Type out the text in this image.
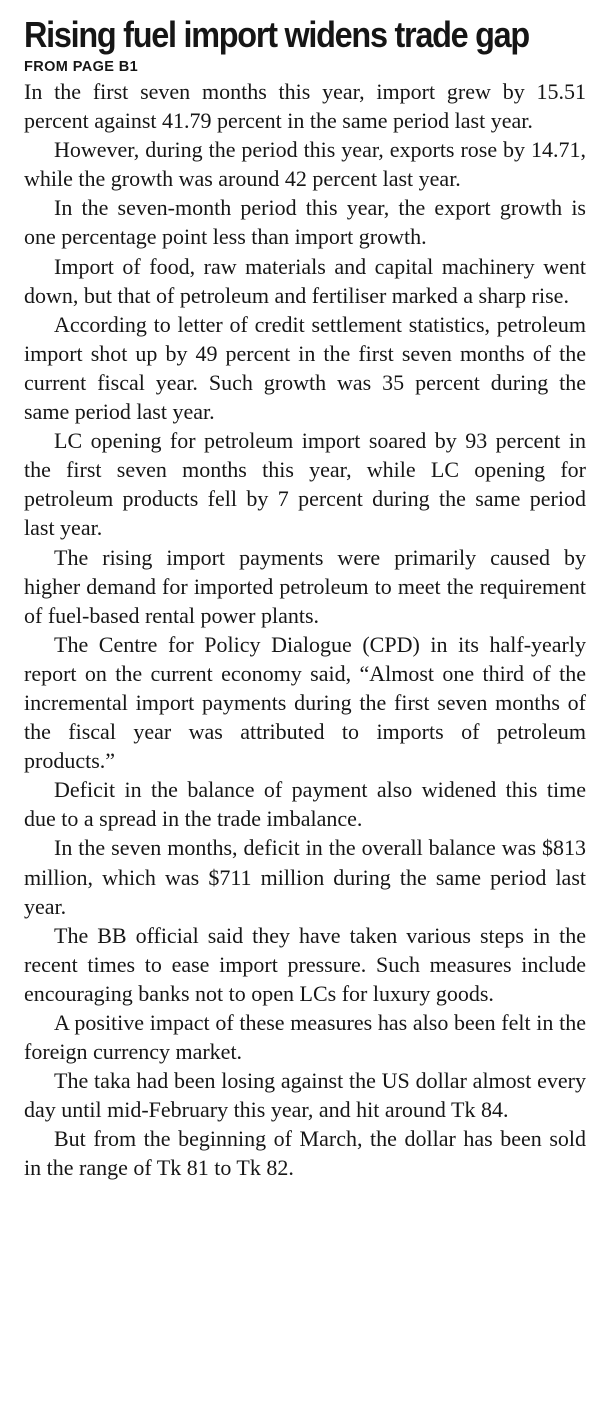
Rising fuel import widens trade gap
FROM PAGE B1

In the first seven months this year, import grew by 15.51 percent against 41.79 percent in the same period last year.

However, during the period this year, exports rose by 14.71, while the growth was around 42 percent last year.

In the seven-month period this year, the export growth is one percentage point less than import growth.

Import of food, raw materials and capital machinery went down, but that of petroleum and fertiliser marked a sharp rise.

According to letter of credit settlement statistics, petroleum import shot up by 49 percent in the first seven months of the current fiscal year. Such growth was 35 percent during the same period last year.

LC opening for petroleum import soared by 93 percent in the first seven months this year, while LC opening for petroleum products fell by 7 percent during the same period last year.

The rising import payments were primarily caused by higher demand for imported petroleum to meet the requirement of fuel-based rental power plants.

The Centre for Policy Dialogue (CPD) in its half-yearly report on the current economy said, “Almost one third of the incremental import payments during the first seven months of the fiscal year was attributed to imports of petroleum products.”

Deficit in the balance of payment also widened this time due to a spread in the trade imbalance.

In the seven months, deficit in the overall balance was $813 million, which was $711 million during the same period last year.

The BB official said they have taken various steps in the recent times to ease import pressure. Such measures include encouraging banks not to open LCs for luxury goods.

A positive impact of these measures has also been felt in the foreign currency market.

The taka had been losing against the US dollar almost every day until mid-February this year, and hit around Tk 84.

But from the beginning of March, the dollar has been sold in the range of Tk 81 to Tk 82.
